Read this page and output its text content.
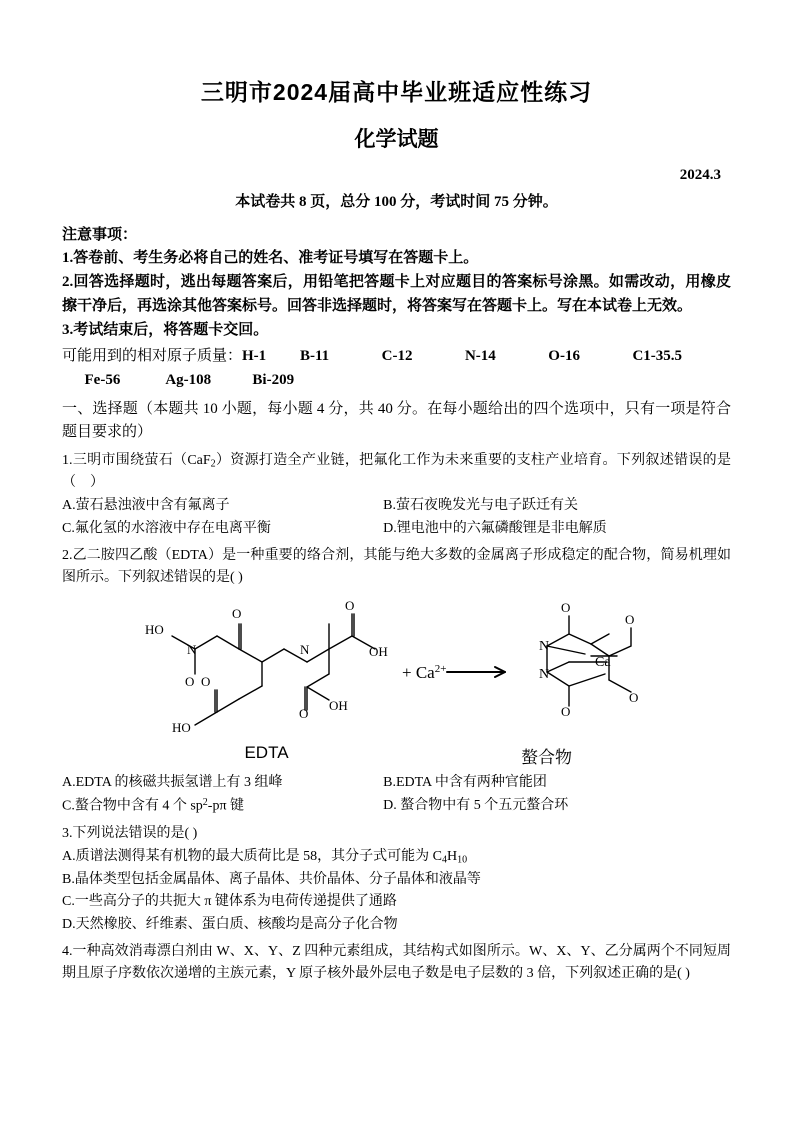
三明市2024届高中毕业班适应性练习
化学试题
2024.3
本试卷共 8 页，总分 100 分，考试时间 75 分钟。
注意事项：
1.答卷前、考生务必将自己的姓名、准考证号填写在答题卡上。
2.回答选择题时，逃出每题答案后，用铅笔把答题卡上对应题目的答案标号涂黑。如需改动，用橡皮擦干净后，再选涂其他答案标号。回答非选择题时，将答案写在答题卡上。写在本试卷上无效。
3.考试结束后，将答题卡交回。
可能用到的相对原子质量：H-1 B-11	C-12	N-14	O-16	C1-35.5
Fe-56	Ag-108	Bi-209
一、选择题（本题共 10 小题，每小题 4 分，共 40 分。在每小题给出的四个选项中，只有一项是符合题目要求的）
1.三明市围绕萤石（CaF$_2$）资源打造全产业链，把氟化工作为未来重要的支柱产业培育。下列叙述错误的是（    ）
A.萤石悬浊液中含有氟离子	B.萤石夜晚发光与电子跃迁有关
C.氟化氢的水溶液中存在电离平衡	D.锂电池中的六氟磷酸锂是非电解质
2.乙二胺四乙酸（EDTA）是一种重要的络合剂，其能与绝大多数的金属离子形成稳定的配合物，简易机理如图所示。下列叙述错误的是( )
HO
O
N	N
O
O
OH
HO
O
O
OH
O
O
O
O
N
N
Ca
+ $Ca^{2+}$
EDTA	螯合物
A.EDTA 的核磁共振氢谱上有 3 组峰	B.EDTA 中含有两种官能团
C.螯合物中含有 4 个 $sp^2-p\pi$ 键	D. 螯合物中有 5 个五元螯合环
3.下列说法错误的是( )
A.质谱法测得某有机物的最大质荷比是 58，其分子式可能为 $C_4H_{10}$
B.晶体类型包括金属晶体、离子晶体、共价晶体、分子晶体和液晶等
C.一些高分子的共扼大 π 键体系为电荷传递提供了通路
D.天然橡胶、纤维素、蛋白质、核酸均是高分子化合物
4.一种高效消毒漂白剂由 W、X、Y、Z 四种元素组成，其结构式如图所示。W、X、Y、乙分属两个不同短周期且原子序数依次递增的主族元素，Y 原子核外最外层电子数是电子层数的 3 倍，下列叙述正确的是( )
